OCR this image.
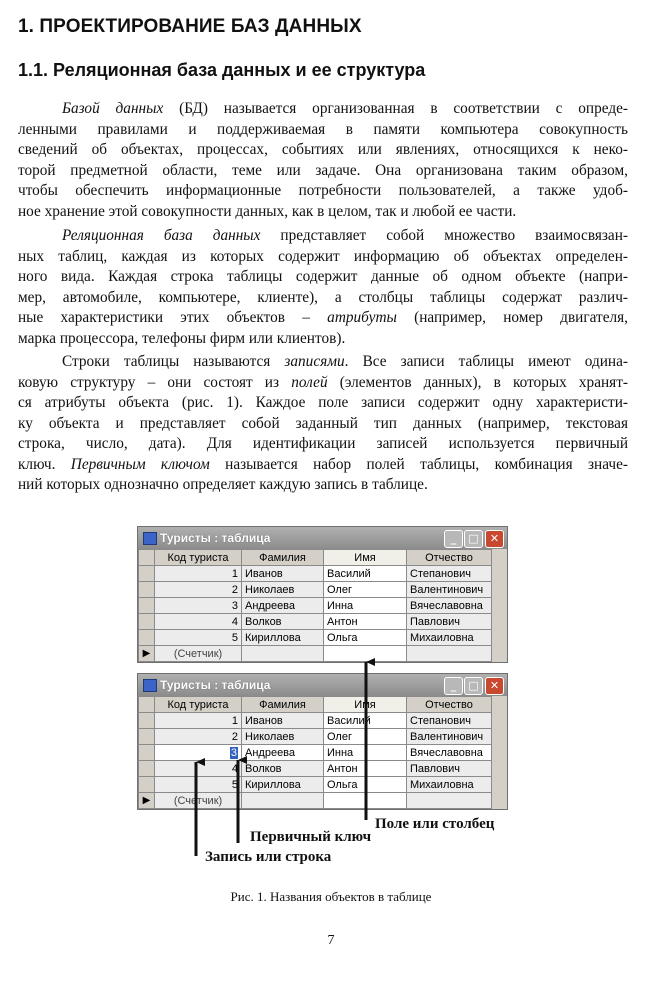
1. ПРОЕКТИРОВАНИЕ БАЗ ДАННЫХ
1.1. Реляционная база данных и ее структура
Базой данных (БД) называется организованная в соответствии с опреде-
ленными правилами и поддерживаемая в памяти компьютера совокупность
сведений об объектах, процессах, событиях или явлениях, относящихся к неко-
торой предметной области, теме или задаче. Она организована таким образом,
чтобы обеспечить информационные потребности пользователей, а также удоб-
ное хранение этой совокупности данных, как в целом, так и любой ее части.
Реляционная база данных представляет собой множество взаимосвязан-
ных таблиц, каждая из которых содержит информацию об объектах определен-
ного вида. Каждая строка таблицы содержит данные об одном объекте (напри-
мер, автомобиле, компьютере, клиенте), а столбцы таблицы содержат различ-
ные характеристики этих объектов – атрибуты (например, номер двигателя,
марка процессора, телефоны фирм или клиентов).
Строки таблицы называются записями. Все записи таблицы имеют одина-
ковую структуру – они состоят из полей (элементов данных), в которых хранят-
ся атрибуты объекта (рис. 1). Каждое поле записи содержит одну характеристи-
ку объекта и представляет собой заданный тип данных (например, текстовая
строка, число, дата). Для идентификации записей используется первичный
ключ. Первичным ключом называется набор полей таблицы, комбинация значе-
ний которых однозначно определяет каждую запись в таблице.
Туристы : таблица	_	□	✕
	Код туриста	Фамилия	Имя	Отчество
	1	Иванов	Василий	Степанович
	2	Николаев	Олег	Валентинович
	3	Андреева	Инна	Вячеславовна
	4	Волков	Антон	Павлович
	5	Кириллова	Ольга	Михаиловна
▶	(Счетчик)			
Туристы : таблица	_	□	✕
	Код туриста	Фамилия	Имя	Отчество
	1	Иванов	Василий	Степанович
	2	Николаев	Олег	Валентинович
	3	Андреева	Инна	Вячеславовна
	4	Волков	Антон	Павлович
	5	Кириллова	Ольга	Михаиловна
▶	(Счетчик)			
Поле или столбец
Первичный ключ
Запись или строка
Рис. 1. Названия объектов в таблице
7
